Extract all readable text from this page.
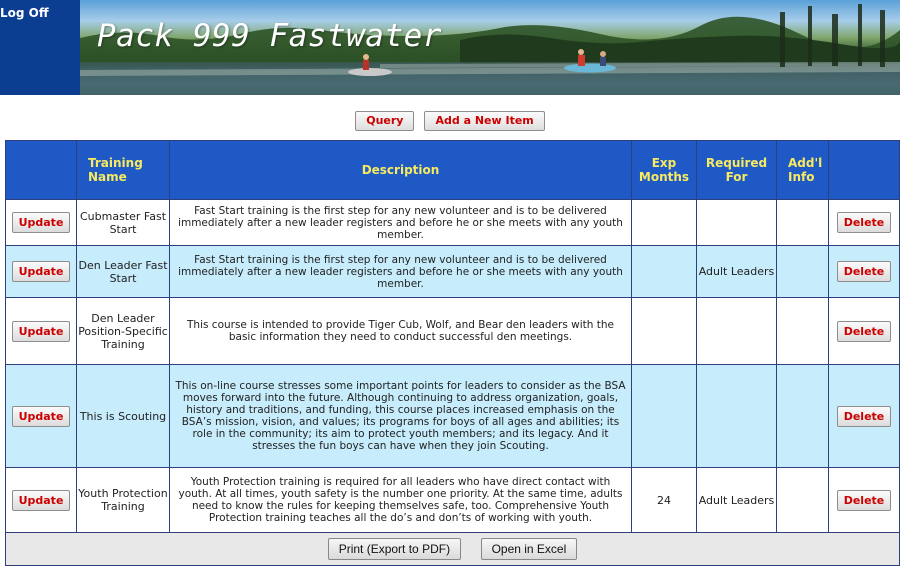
Log Off
Pack 999 Fastwater
Query	Add a New Item
	Training Name	Description	Exp Months	Required For	Add'l Info	
Update	Cubmaster Fast Start	Fast Start training is the first step for any new volunteer and is to be delivered immediately after a new leader registers and before he or she meets with any youth member.				Delete
Update	Den Leader Fast Start	Fast Start training is the first step for any new volunteer and is to be delivered immediately after a new leader registers and before he or she meets with any youth member.		Adult Leaders		Delete
Update	Den Leader Position-Specific Training	This course is intended to provide Tiger Cub, Wolf, and Bear den leaders with the basic information they need to conduct successful den meetings.				Delete
Update	This is Scouting	This on-line course stresses some important points for leaders to consider as the BSA moves forward into the future. Although continuing to address organization, goals, history and traditions, and funding, this course places increased emphasis on the BSA’s mission, vision, and values; its programs for boys of all ages and abilities; its role in the community; its aim to protect youth members; and its legacy. And it stresses the fun boys can have when they join Scouting.				Delete
Update	Youth Protection Training	Youth Protection training is required for all leaders who have direct contact with youth. At all times, youth safety is the number one priority. At the same time, adults need to know the rules for keeping themselves safe, too. Comprehensive Youth Protection training teaches all the do’s and don’ts of working with youth.	24	Adult Leaders		Delete
Print (Export to PDF) Open in Excel						
